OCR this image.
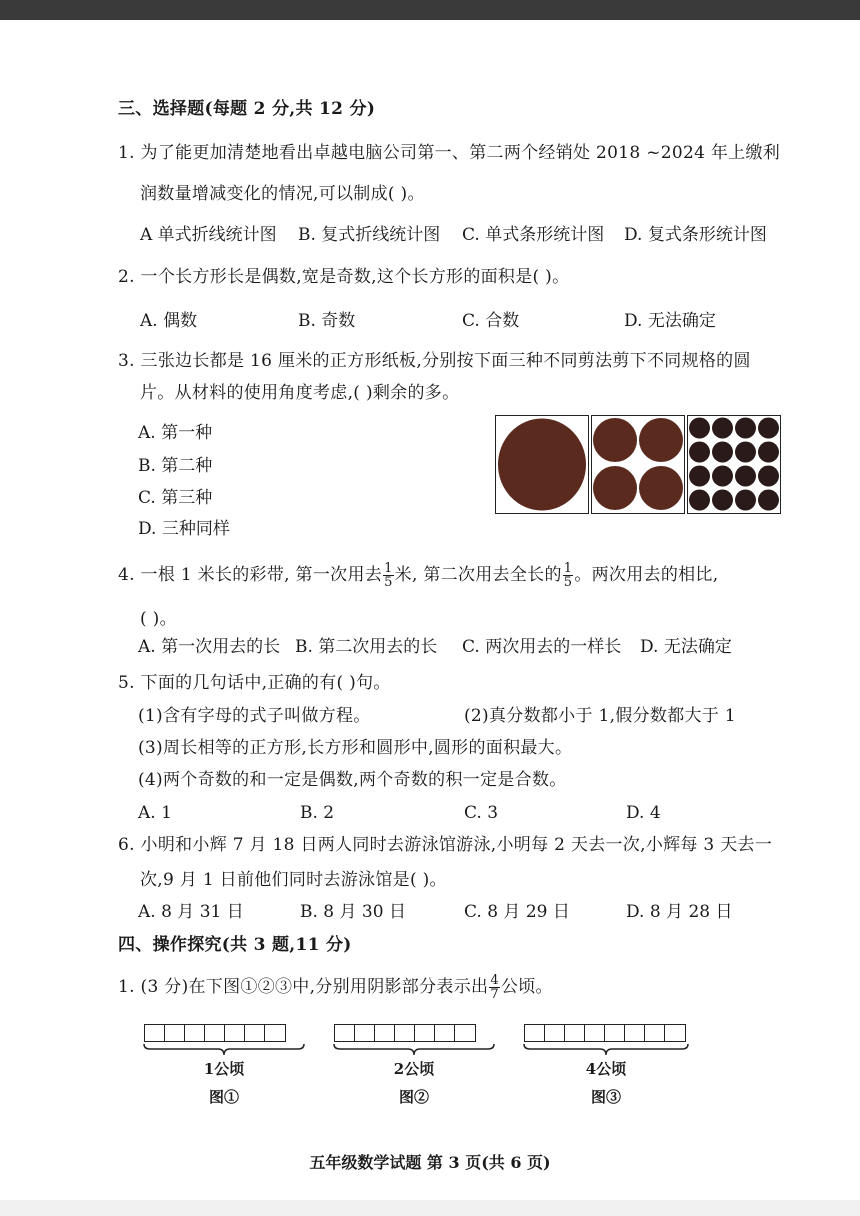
三、选择题(每题 2 分,共 12 分)
1. 为了能更加清楚地看出卓越电脑公司第一、第二两个经销处 2018 ~2024 年上缴利
润数量增减变化的情况,可以制成( )。
A 单式折线统计图 B. 复式折线统计图 C. 单式条形统计图 D. 复式条形统计图
2. 一个长方形长是偶数,宽是奇数,这个长方形的面积是( )。
A. 偶数	B. 奇数	C. 合数	D. 无法确定
3. 三张边长都是 16 厘米的正方形纸板,分别按下面三种不同剪法剪下不同规格的圆
片。从材料的使用角度考虑,( )剩余的多。
A. 第一种
B. 第二种
C. 第三种
D. 三种同样
4. 一根 1 米长的彩带, 第一次用去 $\frac{1}{5}$ 米, 第二次用去全长的 $\frac{1}{5}$ 。两次用去的相比,
( )。
A. 第一次用去的长 B. 第二次用去的长 C. 两次用去的一样长 D. 无法确定
5. 下面的几句话中,正确的有( )句。
(1)含有字母的式子叫做方程。	(2)真分数都小于 1,假分数都大于 1
(3)周长相等的正方形,长方形和圆形中,圆形的面积最大。
(4)两个奇数的和一定是偶数,两个奇数的积一定是合数。
A. 1	B. 2	C. 3	D. 4
6. 小明和小辉 7 月 18 日两人同时去游泳馆游泳,小明每 2 天去一次,小辉每 3 天去一
次,9 月 1 日前他们同时去游泳馆是( )。
A. 8 月 31 日	B. 8 月 30 日	C. 8 月 29 日	D. 8 月 28 日
四、操作探究(共 3 题,11 分)
1. (3 分)在下图①②③中,分别用阴影部分表示出 $\frac{4}{7}$ 公顷。
1公顷
图①
2公顷
图②
4公顷
图③
五年级数学试题 第 3 页(共 6 页)
